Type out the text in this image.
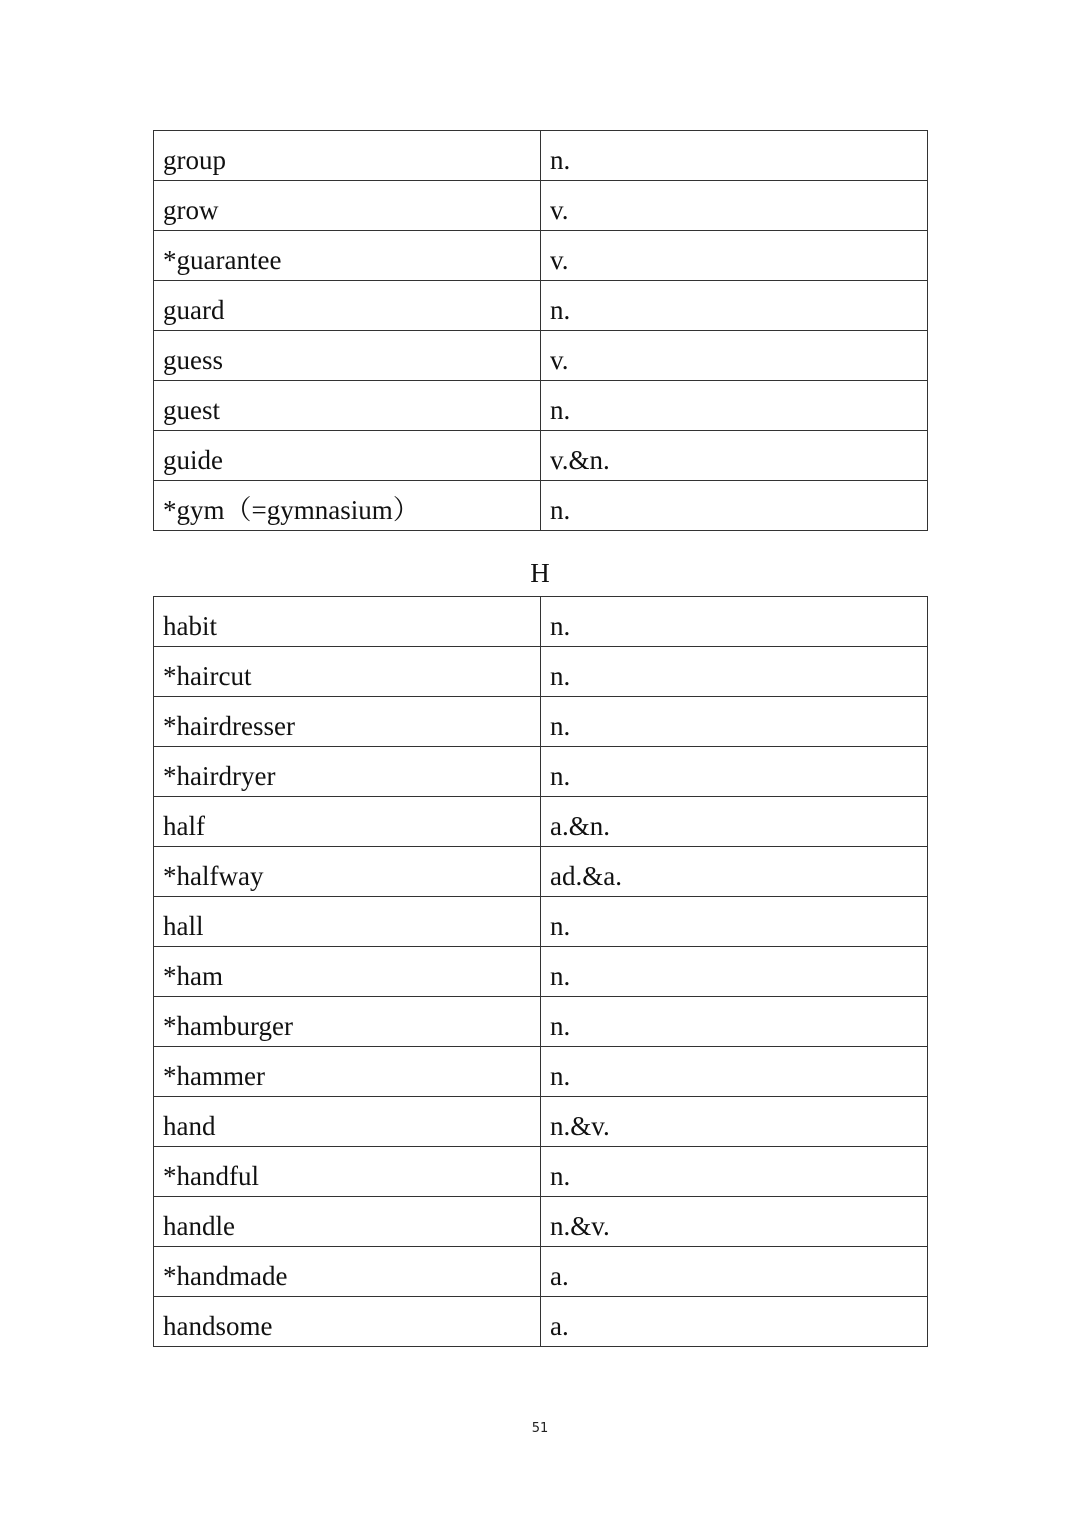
group	n.
grow	v.
*guarantee	v.
guard	n.
guess	v.
guest	n.
guide	v.&n.
*gym（=gymnasium）	n.
H
habit	n.
*haircut	n.
*hairdresser	n.
*hairdryer	n.
half	a.&n.
*halfway	ad.&a.
hall	n.
*ham	n.
*hamburger	n.
*hammer	n.
hand	n.&v.
*handful	n.
handle	n.&v.
*handmade	a.
handsome	a.
51
